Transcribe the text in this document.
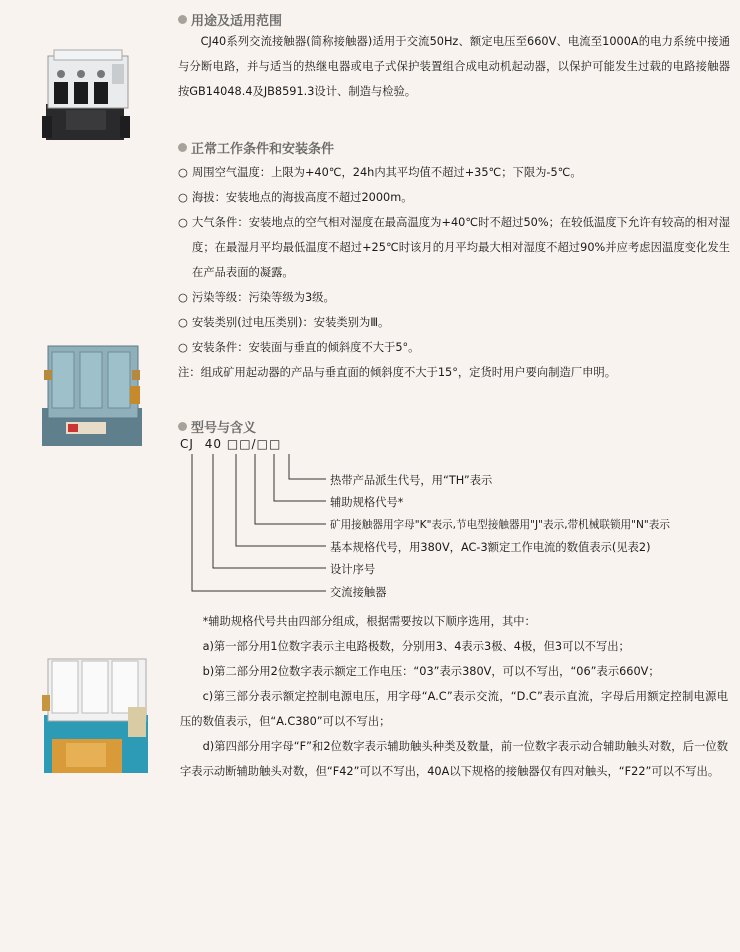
用途及适用范围
CJ40系列交流接触器(简称接触器)适用于交流50Hz、额定电压至660V、电流至1000A的电力系统中接通与分断电路，并与适当的热继电器或电子式保护装置组合成电动机起动器，以保护可能发生过载的电路接触器按GB14048.4及JB8591.3设计、制造与检验。
正常工作条件和安装条件
○ 周围空气温度：上限为+40℃，24h内其平均值不超过+35℃；下限为-5℃。
○ 海拔：安装地点的海拔高度不超过2000m。
○ 大气条件：安装地点的空气相对湿度在最高温度为+40℃时不超过50%；在较低温度下允许有较高的相对湿度；在最湿月平均最低温度不超过+25℃时该月的月平均最大相对湿度不超过90%并应考虑因温度变化发生在产品表面的凝露。
○ 污染等级：污染等级为3级。
○ 安装类别(过电压类别)：安装类别为Ⅲ。
○ 安装条件：安装面与垂直的倾斜度不大于5°。
注：组成矿用起动器的产品与垂直面的倾斜度不大于15°，定货时用户要向制造厂申明。
型号与含义
CJ 40 □□/□□
热带产品派生代号，用“TH”表示
辅助规格代号*
矿用接触器用字母"K"表示,节电型接触器用"J"表示,带机械联锁用"N"表示
基本规格代号，用380V，AC-3额定工作电流的数值表示(见表2)
设计序号
交流接触器

*辅助规格代号共由四部分组成，根据需要按以下顺序选用，其中：

a)第一部分用1位数字表示主电路极数，分别用3、4表示3极、4极，但3可以不写出；

b)第二部分用2位数字表示额定工作电压：“03”表示380V，可以不写出，“06”表示660V；

c)第三部分表示额定控制电源电压，用字母“A.C”表示交流，“D.C”表示直流，字母后用额定控制电源电压的数值表示，但“A.C380”可以不写出；

d)第四部分用字母“F”和2位数字表示辅助触头种类及数量，前一位数字表示动合辅助触头对数，后一位数字表示动断辅助触头对数，但“F42”可以不写出，40A以下规格的接触器仅有四对触头，“F22”可以不写出。
